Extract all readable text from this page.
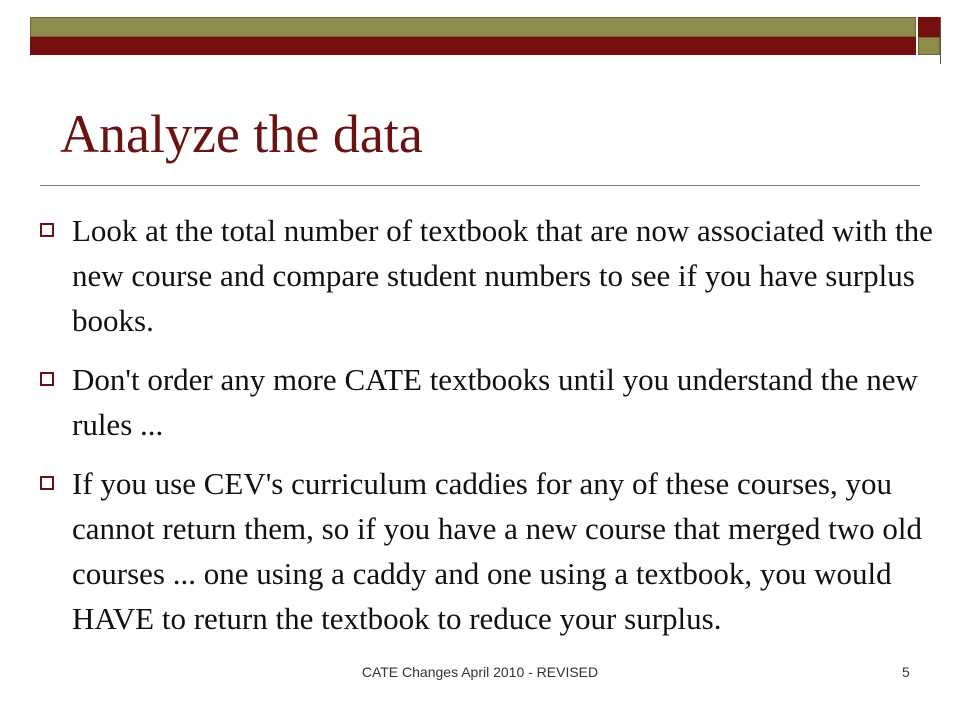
Analyze the data
Look at the total number of textbook that are now associated with the new course and compare student numbers to see if you have surplus books.
Don't order any more CATE textbooks until you understand the new rules ...
If you use CEV's curriculum caddies for any of these courses, you cannot return them, so if you have a new course that merged two old courses ... one using a caddy and one using a textbook, you would HAVE to return the textbook to reduce your surplus.
CATE Changes April 2010 - REVISED	5
